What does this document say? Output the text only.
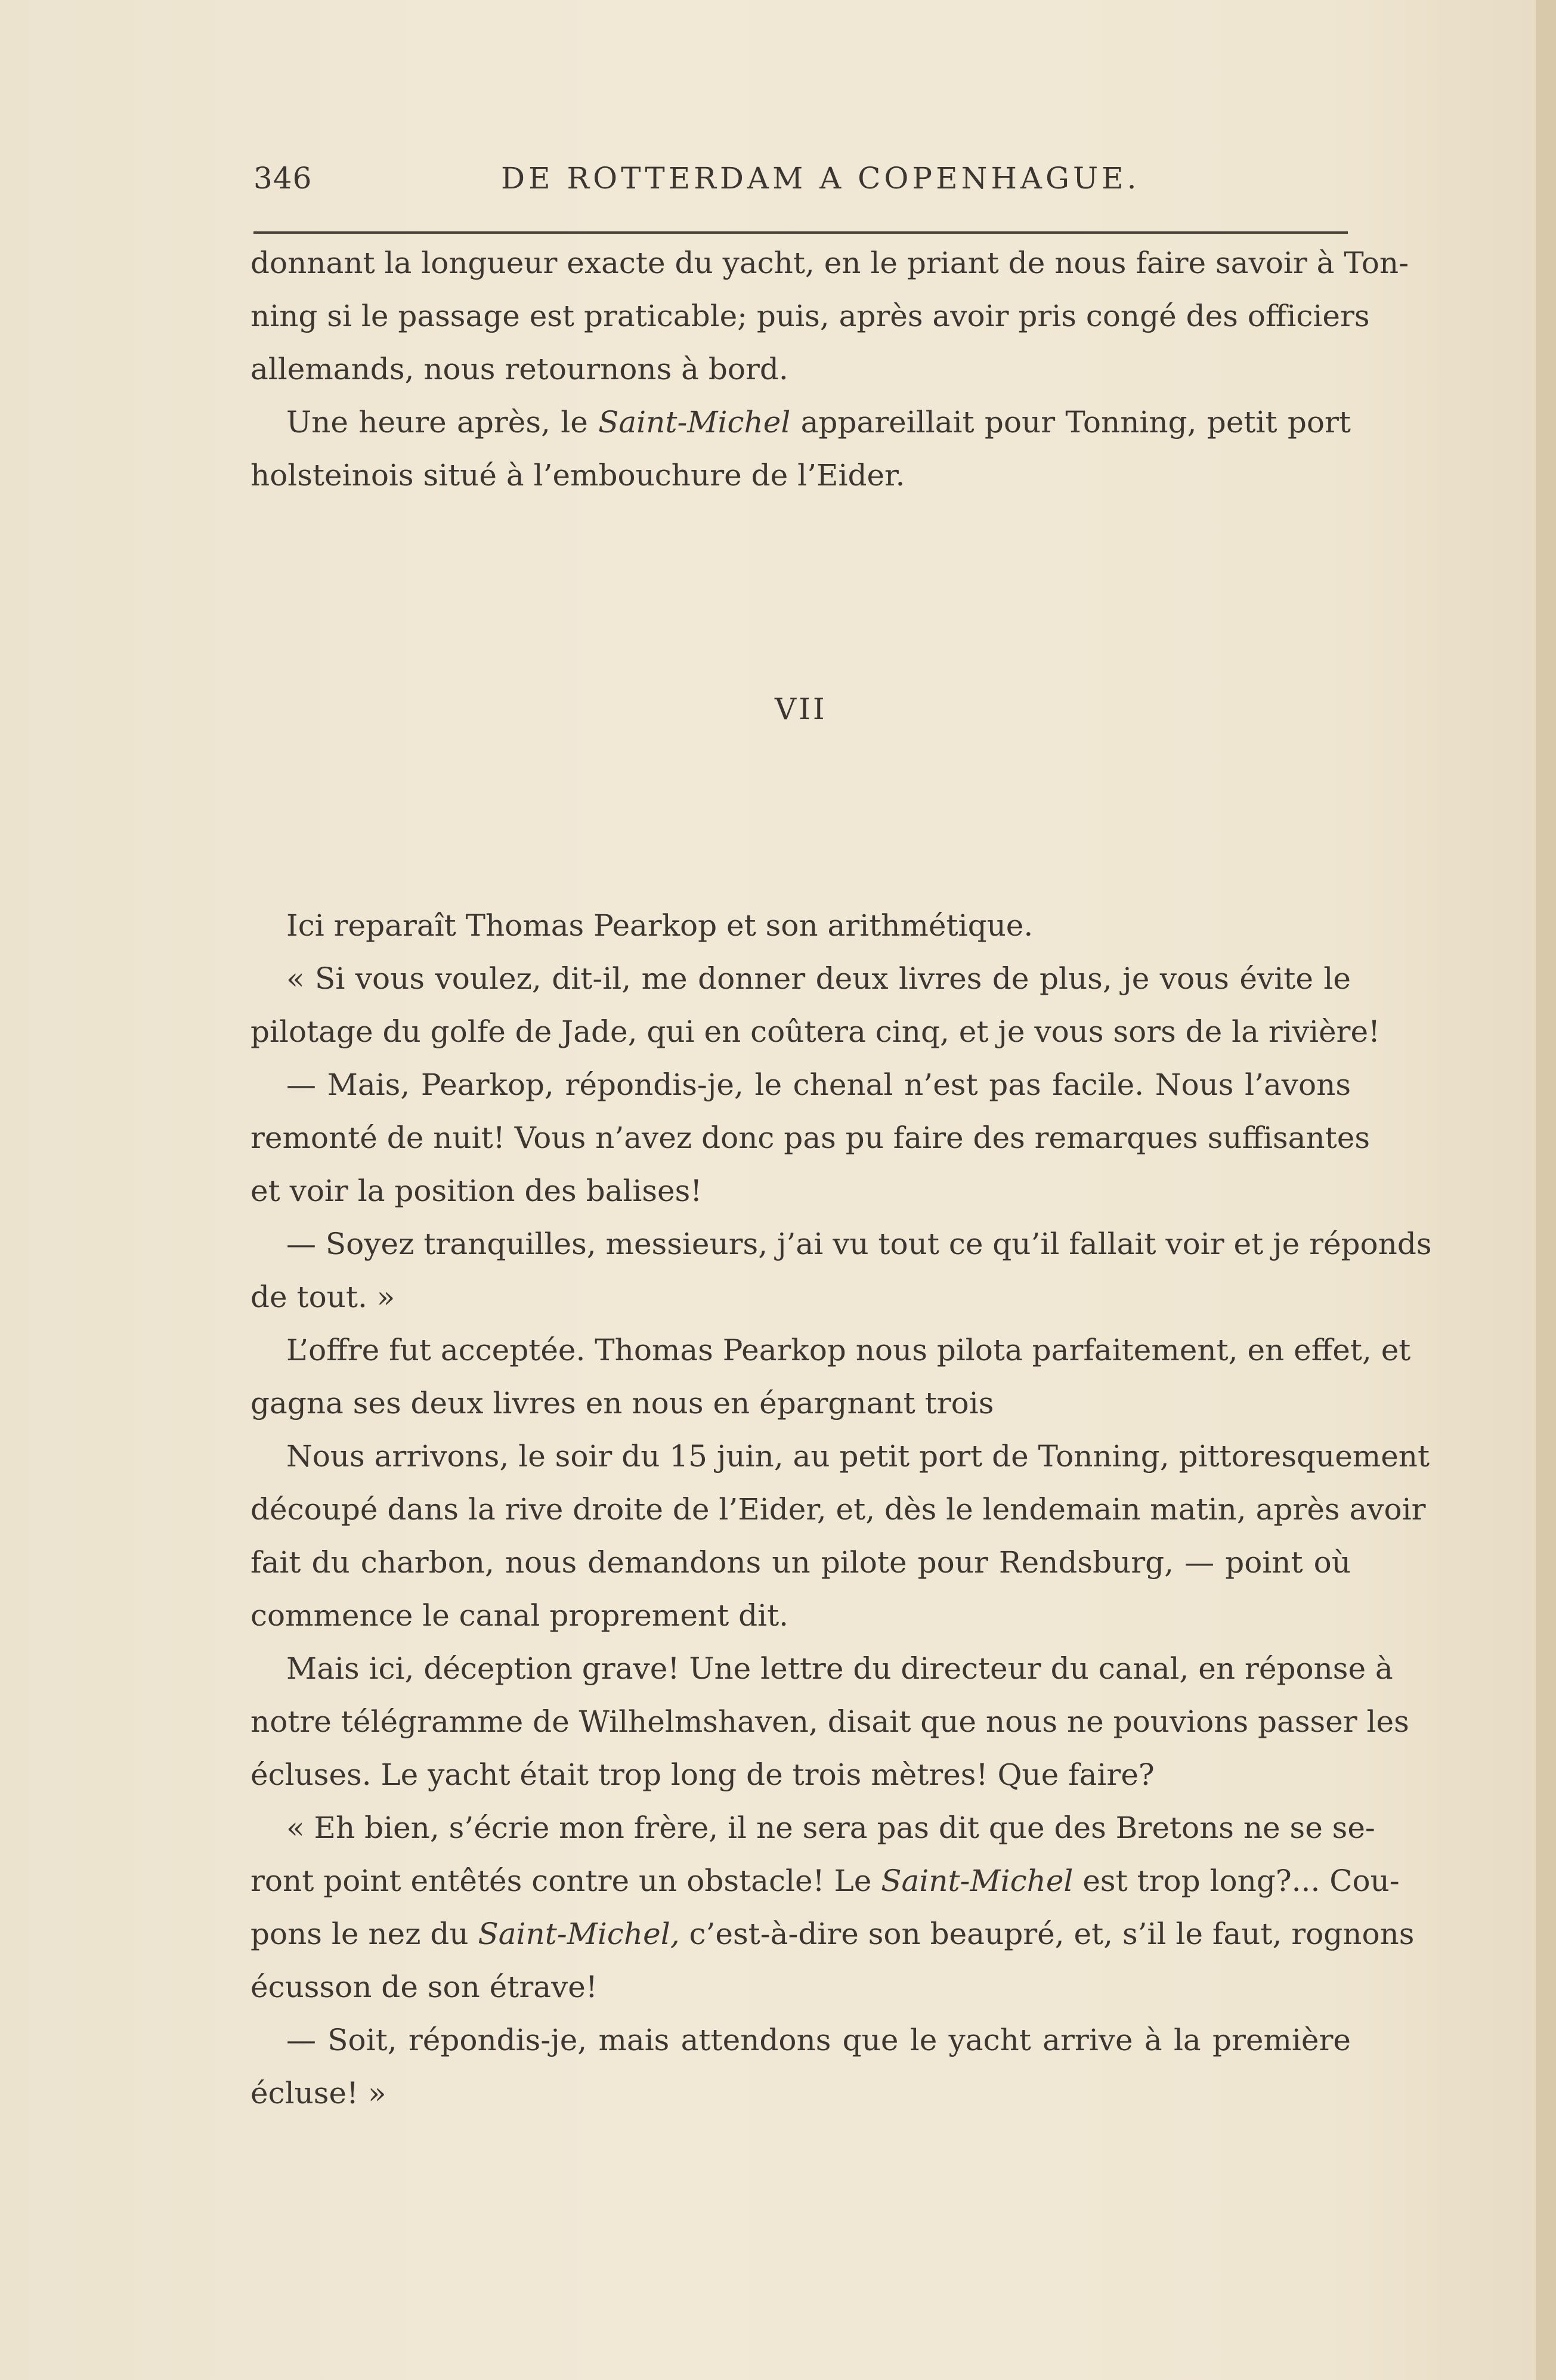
346	DE ROTTERDAM A COPENHAGUE.
donnant la longueur exacte du yacht, en le priant de nous faire savoir à Ton-
ning si le passage est praticable; puis, après avoir pris congé des officiers
allemands, nous retournons à bord.
Une heure après, le Saint-Michel appareillait pour Tonning, petit port
holsteinois situé à l’embouchure de l’Eider.
VII
Ici reparaît Thomas Pearkop et son arithmétique.
« Si vous voulez, dit-il, me donner deux livres de plus, je vous évite le
pilotage du golfe de Jade, qui en coûtera cinq, et je vous sors de la rivière!
— Mais, Pearkop, répondis-je, le chenal n’est pas facile. Nous l’avons
remonté de nuit! Vous n’avez donc pas pu faire des remarques suffisantes
et voir la position des balises!
— Soyez tranquilles, messieurs, j’ai vu tout ce qu’il fallait voir et je réponds
de tout. »
L’offre fut acceptée. Thomas Pearkop nous pilota parfaitement, en effet, et
gagna ses deux livres en nous en épargnant trois
Nous arrivons, le soir du 15 juin, au petit port de Tonning, pittoresquement
découpé dans la rive droite de l’Eider, et, dès le lendemain matin, après avoir
fait du charbon, nous demandons un pilote pour Rendsburg, — point où
commence le canal proprement dit.
Mais ici, déception grave! Une lettre du directeur du canal, en réponse à
notre télégramme de Wilhelmshaven, disait que nous ne pouvions passer les
écluses. Le yacht était trop long de trois mètres! Que faire?
« Eh bien, s’écrie mon frère, il ne sera pas dit que des Bretons ne se se-
ront point entêtés contre un obstacle! Le Saint-Michel est trop long?... Cou-
pons le nez du Saint-Michel, c’est-à-dire son beaupré, et, s’il le faut, rognons
écusson de son étrave!
— Soit, répondis-je, mais attendons que le yacht arrive à la première
écluse! »
